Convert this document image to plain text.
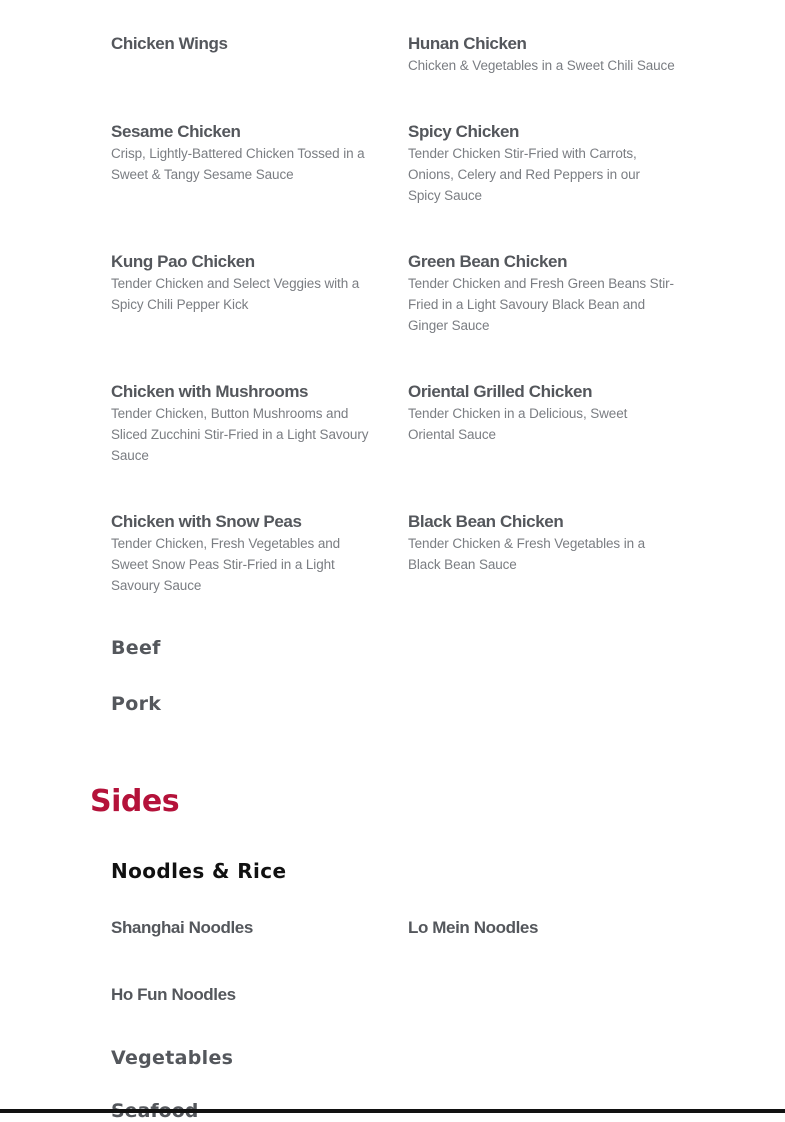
Chicken Wings	Hunan Chicken
Chicken & Vegetables in a Sweet Chili Sauce
Sesame Chicken
Crisp, Lightly-Battered Chicken Tossed in a Sweet & Tangy Sesame Sauce
Spicy Chicken
Tender Chicken Stir-Fried with Carrots, Onions, Celery and Red Peppers in our Spicy Sauce
Kung Pao Chicken
Tender Chicken and Select Veggies with a Spicy Chili Pepper Kick
Green Bean Chicken
Tender Chicken and Fresh Green Beans Stir-Fried in a Light Savoury Black Bean and Ginger Sauce
Chicken with Mushrooms
Tender Chicken, Button Mushrooms and Sliced Zucchini Stir-Fried in a Light Savoury Sauce
Oriental Grilled Chicken
Tender Chicken in a Delicious, Sweet Oriental Sauce
Chicken with Snow Peas
Tender Chicken, Fresh Vegetables and Sweet Snow Peas Stir-Fried in a Light Savoury Sauce
Black Bean Chicken
Tender Chicken & Fresh Vegetables in a Black Bean Sauce
Beef
Pork
Sides
Noodles & Rice
Shanghai Noodles	Lo Mein Noodles
Ho Fun Noodles
Vegetables
